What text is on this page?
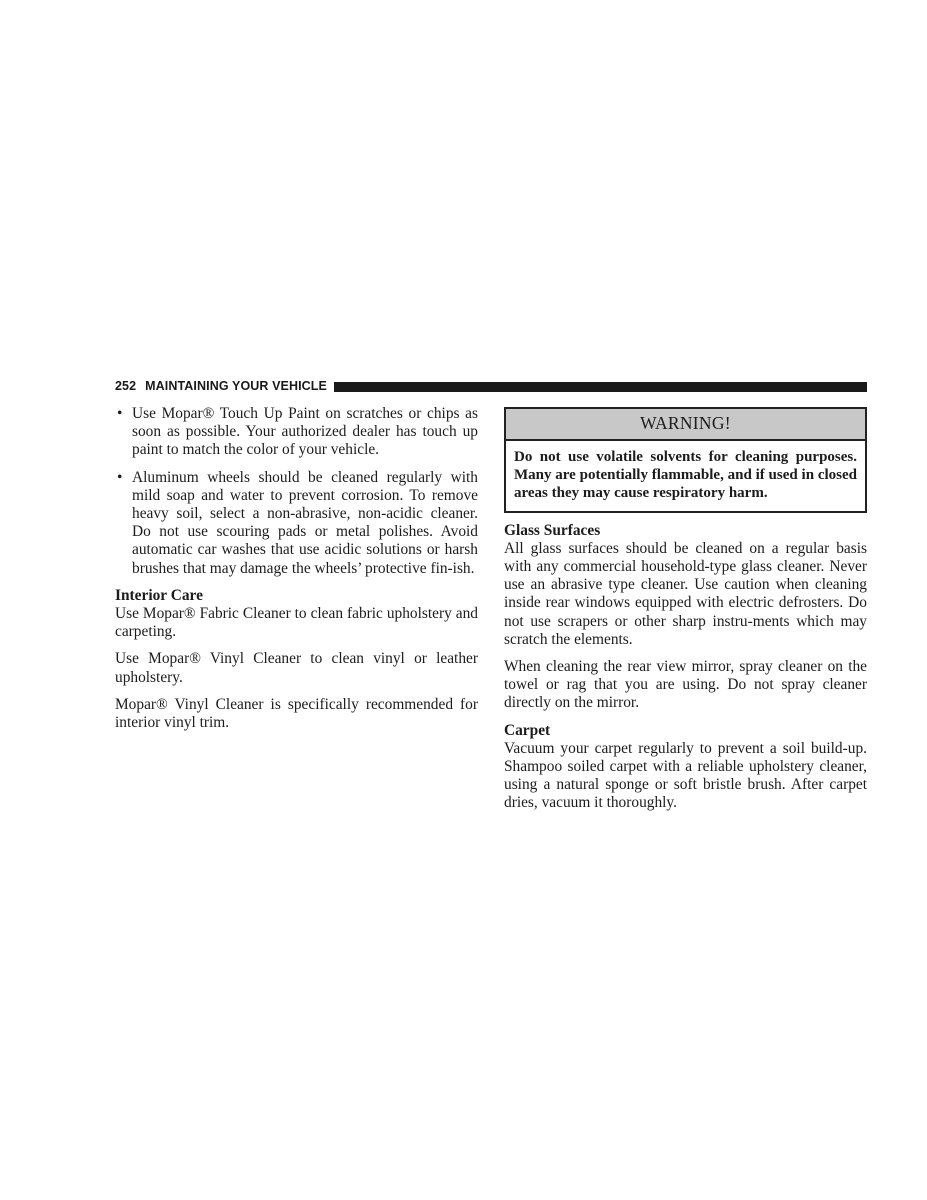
252 MAINTAINING YOUR VEHICLE
• Use Mopar® Touch Up Paint on scratches or chips as soon as possible. Your authorized dealer has touch up paint to match the color of your vehicle.
• Aluminum wheels should be cleaned regularly with mild soap and water to prevent corrosion. To remove heavy soil, select a non-abrasive, non-acidic cleaner. Do not use scouring pads or metal polishes. Avoid automatic car washes that use acidic solutions or harsh brushes that may damage the wheels’ protective fin-ish.
Interior Care

Use Mopar® Fabric Cleaner to clean fabric upholstery and carpeting.

Use Mopar® Vinyl Cleaner to clean vinyl or leather upholstery.

Mopar® Vinyl Cleaner is specifically recommended for interior vinyl trim.

WARNING!
Do not use volatile solvents for cleaning purposes. Many are potentially flammable, and if used in closed areas they may cause respiratory harm.
Glass Surfaces

All glass surfaces should be cleaned on a regular basis with any commercial household-type glass cleaner. Never use an abrasive type cleaner. Use caution when cleaning inside rear windows equipped with electric defrosters. Do not use scrapers or other sharp instru-ments which may scratch the elements.

When cleaning the rear view mirror, spray cleaner on the towel or rag that you are using. Do not spray cleaner directly on the mirror.

Carpet

Vacuum your carpet regularly to prevent a soil build-up. Shampoo soiled carpet with a reliable upholstery cleaner, using a natural sponge or soft bristle brush. After carpet dries, vacuum it thoroughly.
